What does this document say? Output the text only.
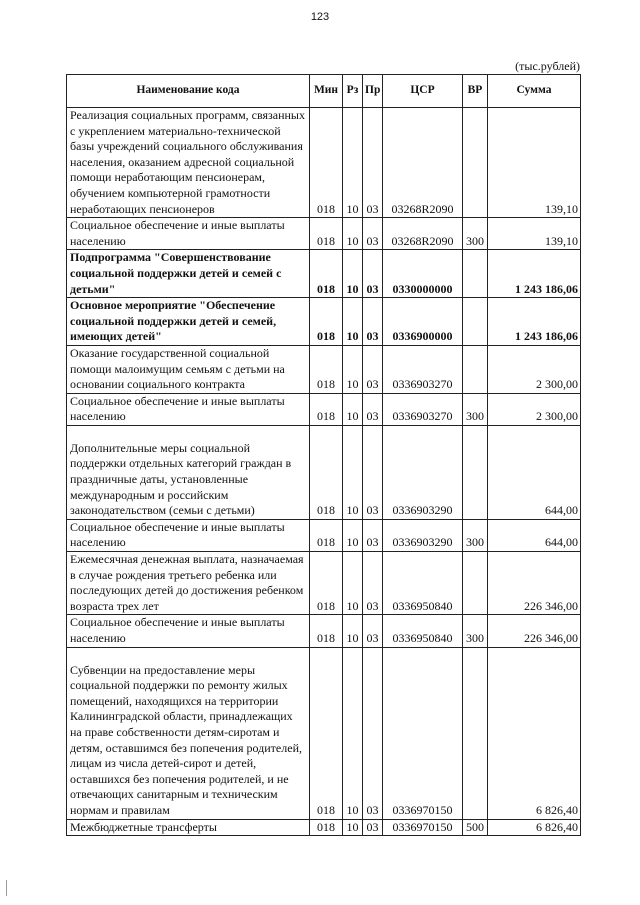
123
(тыс.рублей)
Наименование кода	Мин	Рз	Пр	ЦСР	ВР	Сумма
Реализация социальных программ, связанных с укреплением материально-технической базы учреждений социального обслуживания населения, оказанием адресной социальной помощи неработающим пенсионерам, обучением компьютерной грамотности неработающих пенсионеров	018	10	03	03268R2090		139,10
Социальное обеспечение и иные выплаты населению	018	10	03	03268R2090	300	139,10
Подпрограмма "Совершенствование социальной поддержки детей и семей с детьми"	018	10	03	0330000000		1 243 186,06
Основное мероприятие "Обеспечение социальной поддержки детей и семей, имеющих детей"	018	10	03	0336900000		1 243 186,06
Оказание государственной социальной помощи малоимущим семьям с детьми на основании социального контракта	018	10	03	0336903270		2 300,00
Социальное обеспечение и иные выплаты населению	018	10	03	0336903270	300	2 300,00

Дополнительные меры социальной поддержки отдельных категорий граждан в праздничные даты, установленные международным и российским законодательством (семьи с детьми)	018	10	03	0336903290		644,00
Социальное обеспечение и иные выплаты населению	018	10	03	0336903290	300	644,00
Ежемесячная денежная выплата, назначаемая в случае рождения третьего ребенка или последующих детей до достижения ребенком возраста трех лет	018	10	03	0336950840		226 346,00
Социальное обеспечение и иные выплаты населению	018	10	03	0336950840	300	226 346,00

Субвенции на предоставление меры социальной поддержки по ремонту жилых помещений, находящихся на территории Калининградской области, принадлежащих на праве собственности детям-сиротам и детям, оставшимся без попечения родителей, лицам из числа детей-сирот и детей, оставшихся без попечения родителей, и не отвечающих санитарным и техническим нормам и правилам	018	10	03	0336970150		6 826,40
Межбюджетные трансферты	018	10	03	0336970150	500	6 826,40
